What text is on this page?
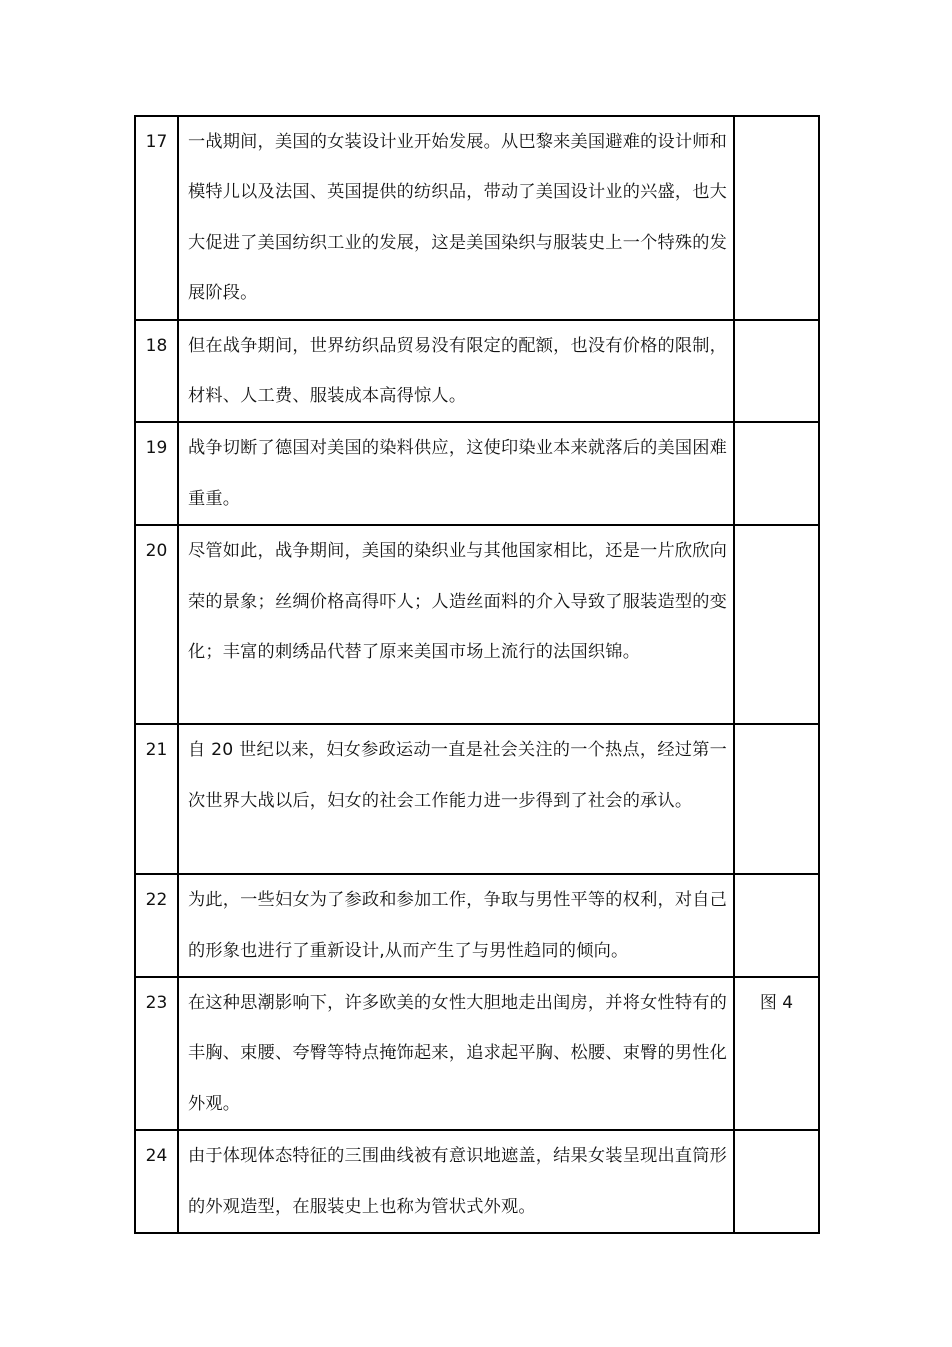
17	一战期间，美国的女装设计业开始发展。从巴黎来美国避难的设计师和模特儿以及法国、英国提供的纺织品，带动了美国设计业的兴盛，也大大促进了美国纺织工业的发展，这是美国染织与服装史上一个特殊的发展阶段。	
18	但在战争期间，世界纺织品贸易没有限定的配额，也没有价格的限制，材料、人工费、服装成本高得惊人。	
19	战争切断了德国对美国的染料供应，这使印染业本来就落后的美国困难重重。	
20	尽管如此，战争期间，美国的染织业与其他国家相比，还是一片欣欣向荣的景象；丝绸价格高得吓人；人造丝面料的介入导致了服装造型的变化；丰富的刺绣品代替了原来美国市场上流行的法国织锦。	
21	自 20 世纪以来，妇女参政运动一直是社会关注的一个热点，经过第一次世界大战以后，妇女的社会工作能力进一步得到了社会的承认。	
22	为此，一些妇女为了参政和参加工作，争取与男性平等的权利，对自己的形象也进行了重新设计,从而产生了与男性趋同的倾向。	
23	在这种思潮影响下，许多欧美的女性大胆地走出闺房，并将女性特有的丰胸、束腰、夸臀等特点掩饰起来，追求起平胸、松腰、束臀的男性化外观。	图 4
24	由于体现体态特征的三围曲线被有意识地遮盖，结果女装呈现出直筒形的外观造型，在服装史上也称为管状式外观。	
